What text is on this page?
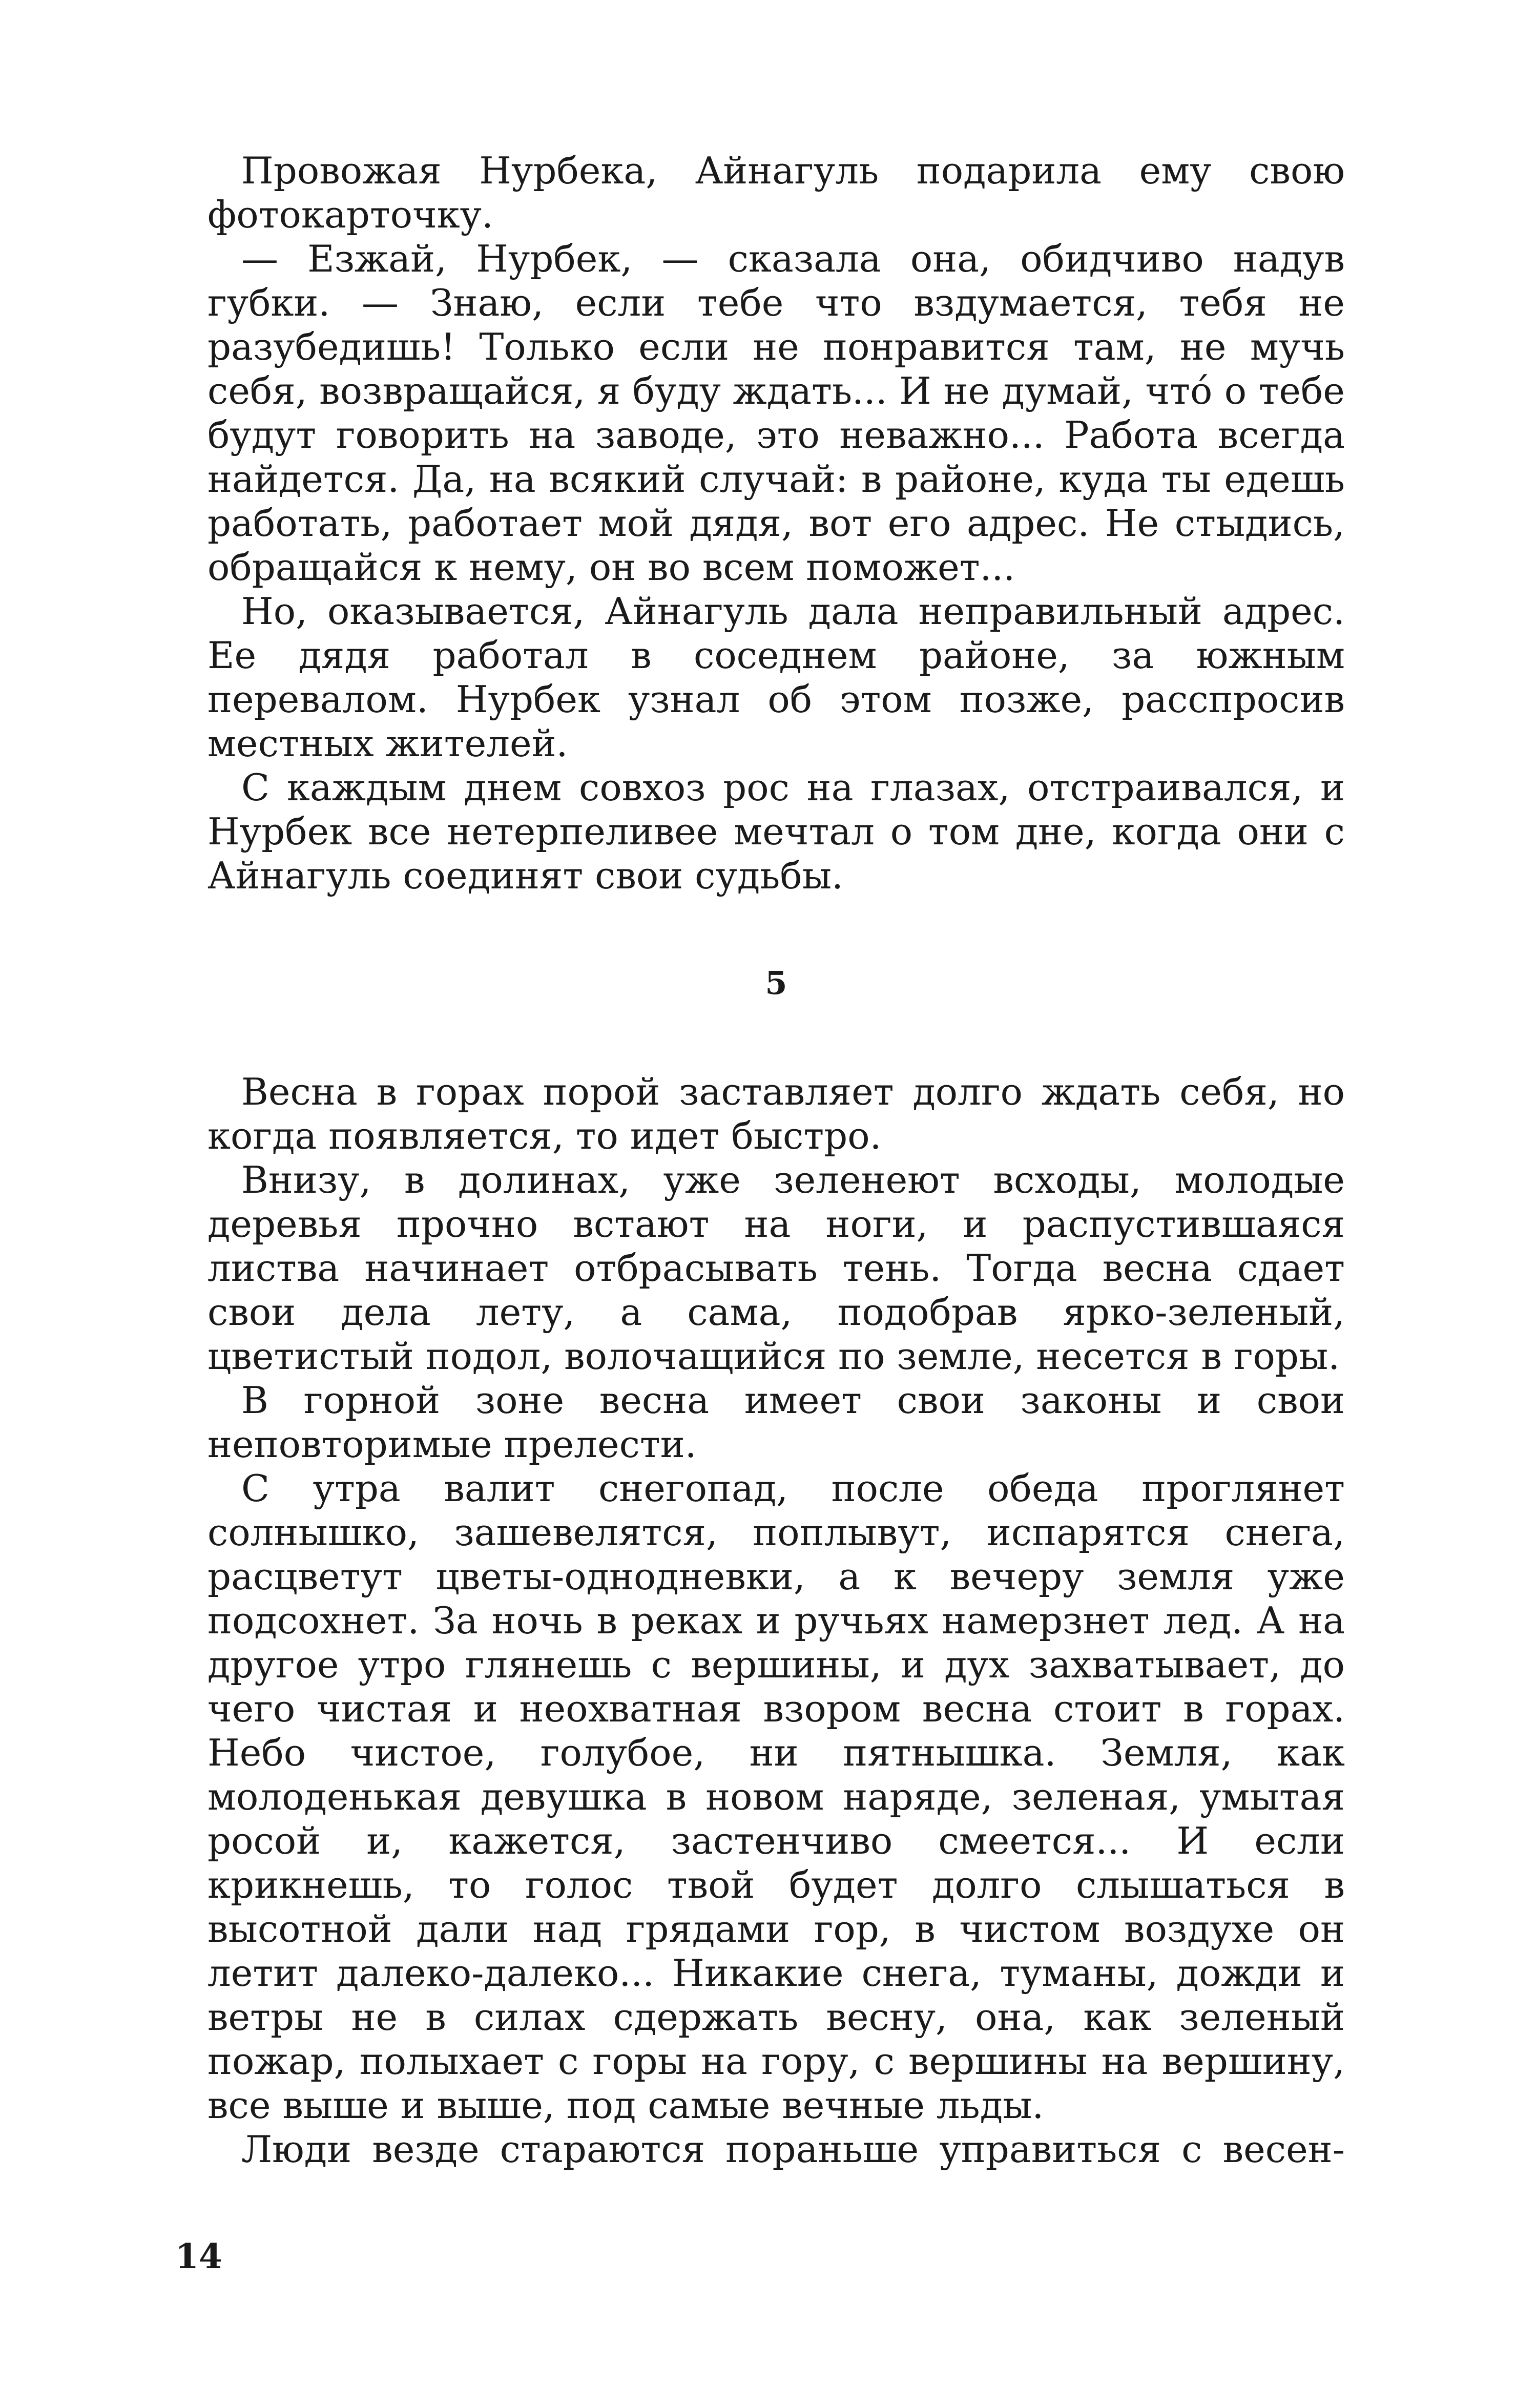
Провожая Нурбека, Айнагуль подарила ему свою фотокарточку.

— Езжай, Нурбек, — сказала она, обидчиво надув губки. — Знаю, если тебе что вздумается, тебя не разубедишь! Только если не понравится там, не мучь себя, возвращайся, я буду ждать... И не думай, что́ о тебе будут говорить на заводе, это неважно... Работа всегда найдется. Да, на всякий случай: в районе, куда ты едешь работать, работает мой дядя, вот его адрес. Не стыдись, обращайся к нему, он во всем поможет...

Но, оказывается, Айнагуль дала неправильный адрес. Ее дядя работал в соседнем районе, за южным перевалом. Нурбек узнал об этом позже, расспросив местных жителей.

С каждым днем совхоз рос на глазах, отстраивался, и Нурбек все нетерпеливее мечтал о том дне, когда они с Айнагуль соединят свои судьбы.

5

Весна в горах порой заставляет долго ждать себя, но когда появляется, то идет быстро.

Внизу, в долинах, уже зеленеют всходы, молодые деревья прочно встают на ноги, и распустившаяся листва начинает отбрасывать тень. Тогда весна сдает свои дела лету, а сама, подобрав ярко-зеленый, цветистый подол, волочащийся по земле, несется в горы.

В горной зоне весна имеет свои законы и свои неповторимые прелести.

С утра валит снегопад, после обеда проглянет солнышко, зашевелятся, поплывут, испарятся снега, расцветут цветы-однодневки, а к вечеру земля уже подсохнет. За ночь в реках и ручьях намерзнет лед. А на другое утро глянешь с вершины, и дух захватывает, до чего чистая и неохватная взором весна стоит в горах. Небо чистое, голубое, ни пятнышка. Земля, как молоденькая девушка в новом наряде, зеленая, умытая росой и, кажется, застенчиво смеется... И если крикнешь, то голос твой будет долго слышаться в высотной дали над грядами гор, в чистом воздухе он летит далеко-далеко... Никакие снега, туманы, дожди и ветры не в силах сдержать весну, она, как зеленый пожар, полыхает с горы на гору, с вершины на вершину, все выше и выше, под самые вечные льды.

Люди везде стараются пораньше управиться с весен-

14
